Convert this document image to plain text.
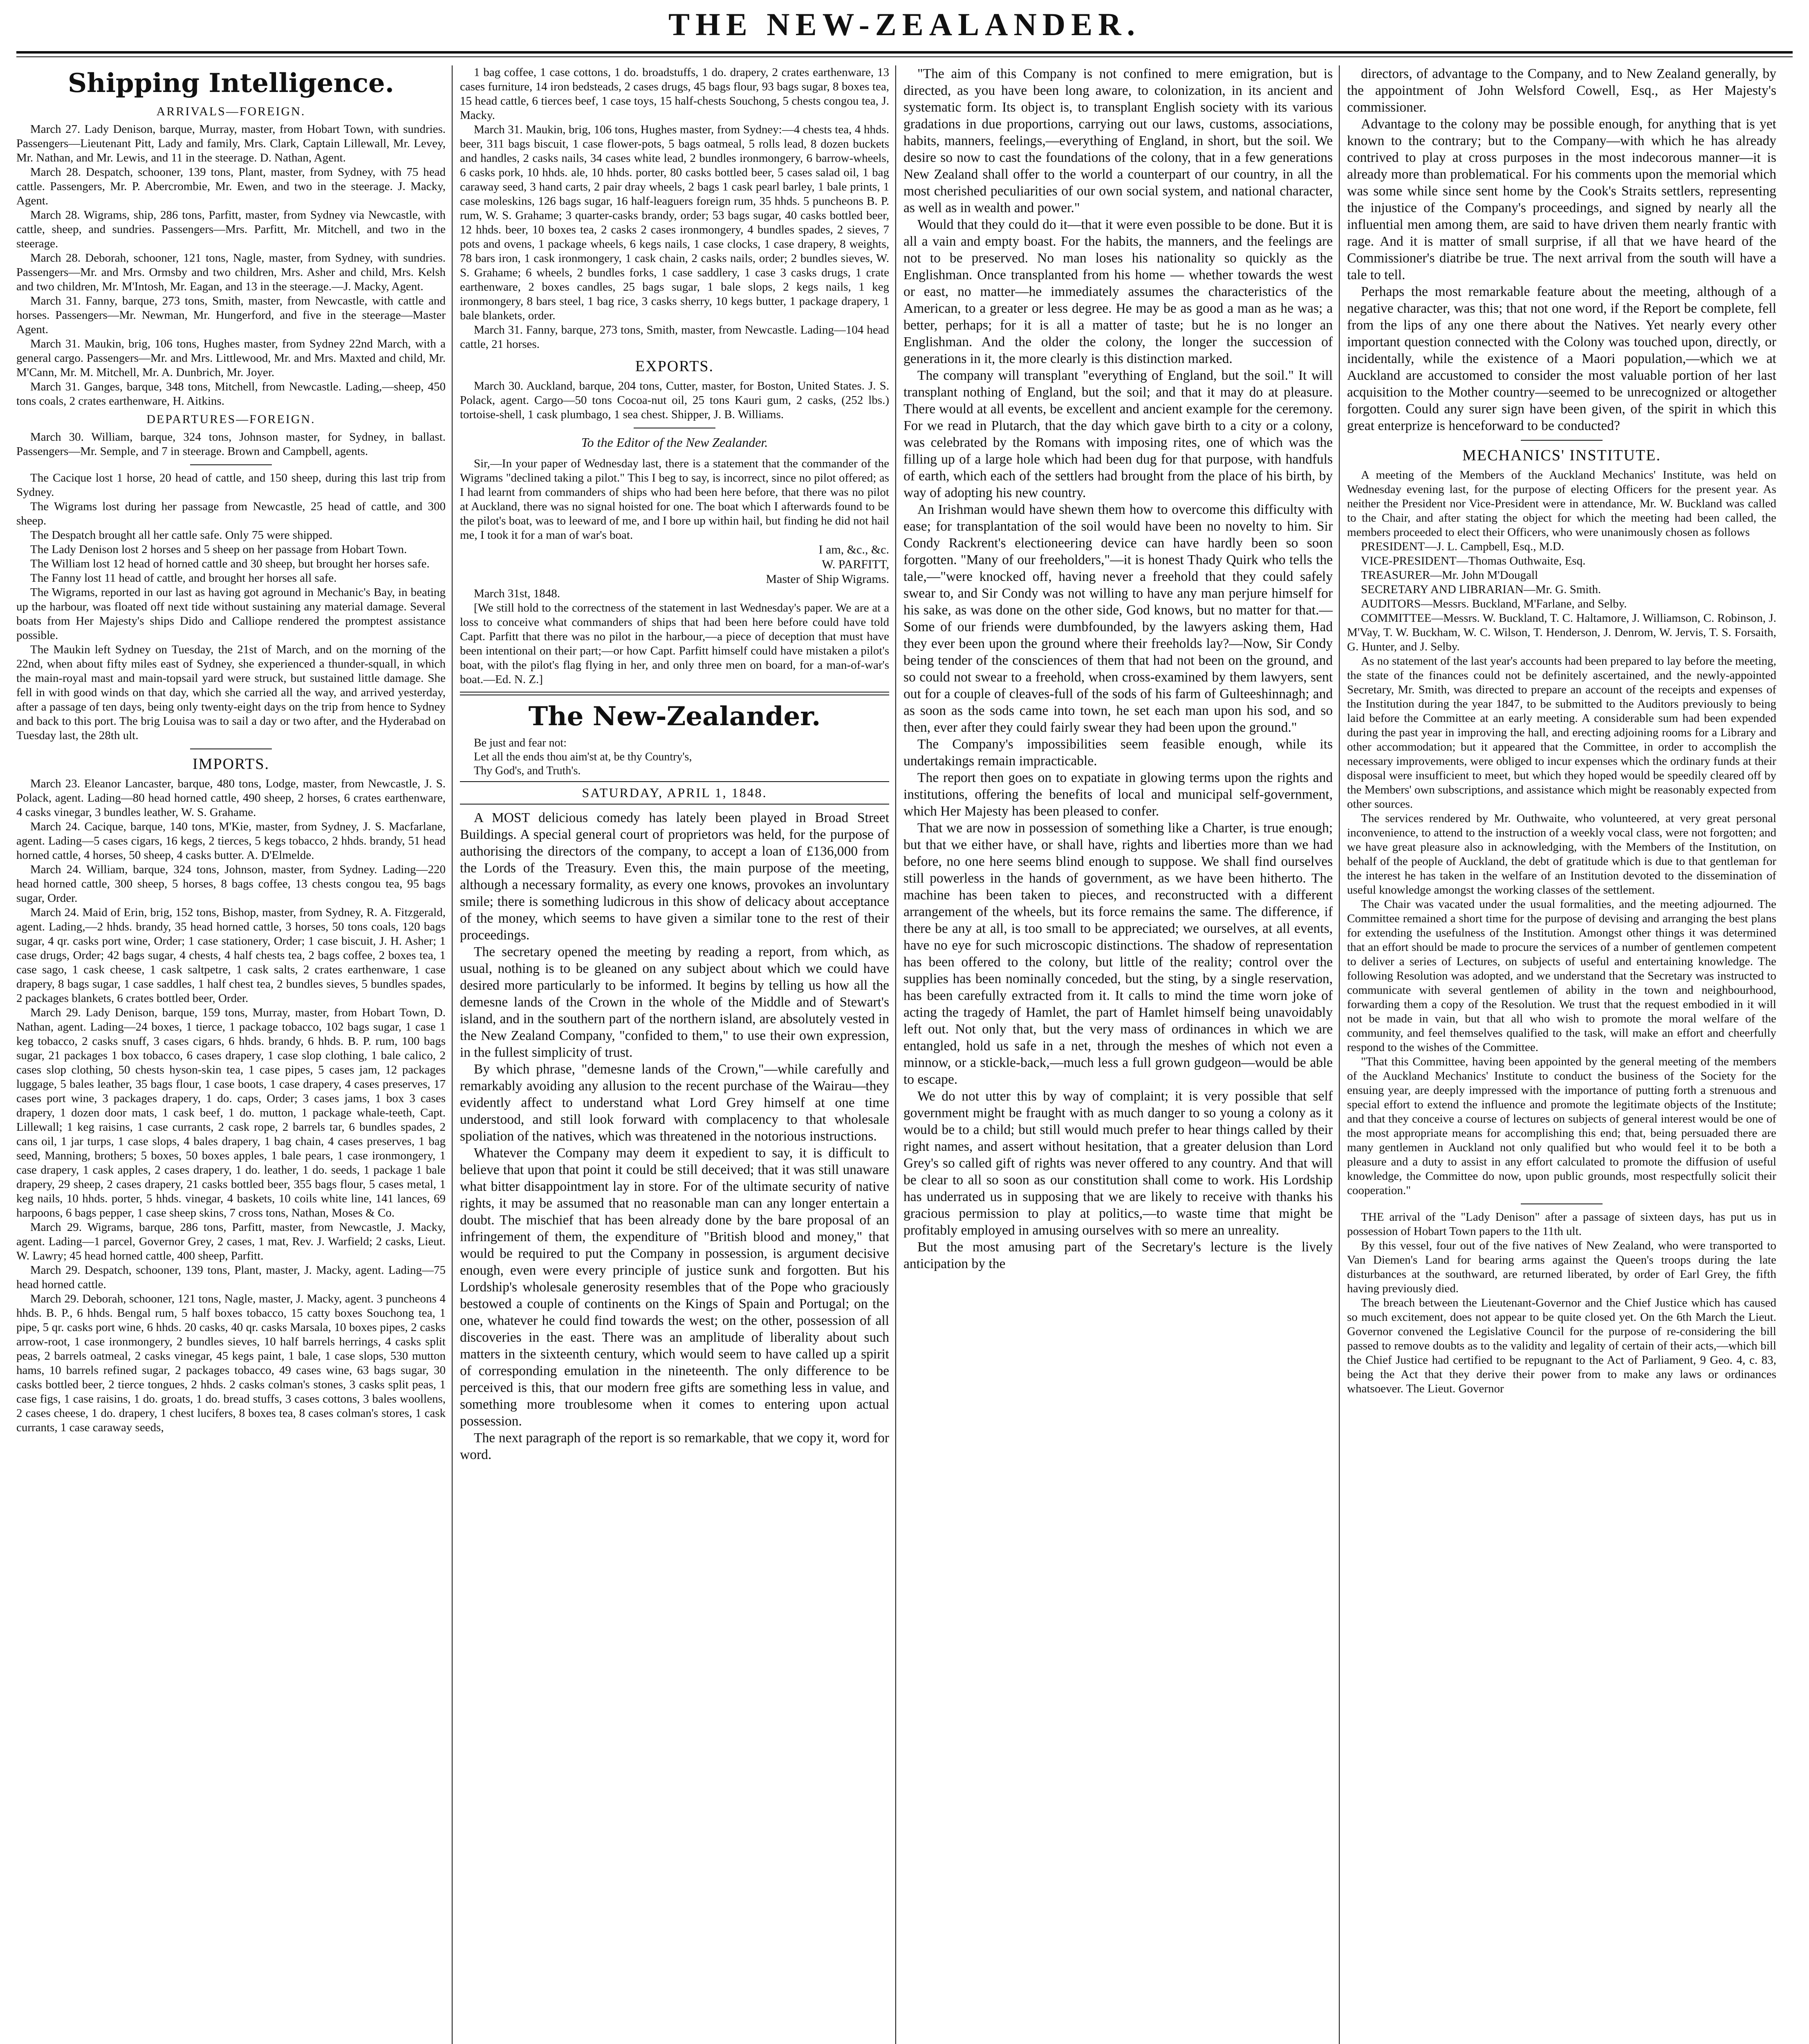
THE NEW-ZEALANDER.
Shipping Intelligence.
ARRIVALS—FOREIGN.

March 27. Lady Denison, barque, Murray, master, from Hobart Town, with sundries. Passengers—Lieutenant Pitt, Lady and family, Mrs. Clark, Captain Lillewall, Mr. Levey, Mr. Nathan, and Mr. Lewis, and 11 in the steerage. D. Nathan, Agent.

March 28. Despatch, schooner, 139 tons, Plant, master, from Sydney, with 75 head cattle. Passengers, Mr. P. Abercrombie, Mr. Ewen, and two in the steerage. J. Macky, Agent.

March 28. Wigrams, ship, 286 tons, Parfitt, master, from Sydney via Newcastle, with cattle, sheep, and sundries. Passengers—Mrs. Parfitt, Mr. Mitchell, and two in the steerage.

March 28. Deborah, schooner, 121 tons, Nagle, master, from Sydney, with sundries. Passengers—Mr. and Mrs. Ormsby and two children, Mrs. Asher and child, Mrs. Kelsh and two children, Mr. M'Intosh, Mr. Eagan, and 13 in the steerage.—J. Macky, Agent.

March 31. Fanny, barque, 273 tons, Smith, master, from Newcastle, with cattle and horses. Passengers—Mr. Newman, Mr. Hungerford, and five in the steerage—Master Agent.

March 31. Maukin, brig, 106 tons, Hughes master, from Sydney 22nd March, with a general cargo. Passengers—Mr. and Mrs. Littlewood, Mr. and Mrs. Maxted and child, Mr. M'Cann, Mr. M. Mitchell, Mr. A. Dunbrich, Mr. Joyer.

March 31. Ganges, barque, 348 tons, Mitchell, from Newcastle. Lading,—sheep, 450 tons coals, 2 crates earthenware, H. Aitkins.

DEPARTURES—FOREIGN.

March 30. William, barque, 324 tons, Johnson master, for Sydney, in ballast. Passengers—Mr. Semple, and 7 in steerage. Brown and Campbell, agents.

The Cacique lost 1 horse, 20 head of cattle, and 150 sheep, during this last trip from Sydney.

The Wigrams lost during her passage from Newcastle, 25 head of cattle, and 300 sheep.

The Despatch brought all her cattle safe. Only 75 were shipped.

The Lady Denison lost 2 horses and 5 sheep on her passage from Hobart Town.

The William lost 12 head of horned cattle and 30 sheep, but brought her horses safe.

The Fanny lost 11 head of cattle, and brought her horses all safe.

The Wigrams, reported in our last as having got aground in Mechanic's Bay, in beating up the harbour, was floated off next tide without sustaining any material damage. Several boats from Her Majesty's ships Dido and Calliope rendered the promptest assistance possible.

The Maukin left Sydney on Tuesday, the 21st of March, and on the morning of the 22nd, when about fifty miles east of Sydney, she experienced a thunder-squall, in which the main-royal mast and main-topsail yard were struck, but sustained little damage. She fell in with good winds on that day, which she carried all the way, and arrived yesterday, after a passage of ten days, being only twenty-eight days on the trip from hence to Sydney and back to this port. The brig Louisa was to sail a day or two after, and the Hyderabad on Tuesday last, the 28th ult.

IMPORTS.

March 23. Eleanor Lancaster, barque, 480 tons, Lodge, master, from Newcastle, J. S. Polack, agent. Lading—80 head horned cattle, 490 sheep, 2 horses, 6 crates earthenware, 4 casks vinegar, 3 bundles leather, W. S. Grahame.

March 24. Cacique, barque, 140 tons, M'Kie, master, from Sydney, J. S. Macfarlane, agent. Lading—5 cases cigars, 16 kegs, 2 tierces, 5 kegs tobacco, 2 hhds. brandy, 51 head horned cattle, 4 horses, 50 sheep, 4 casks butter. A. D'Elmelde.

March 24. William, barque, 324 tons, Johnson, master, from Sydney. Lading—220 head horned cattle, 300 sheep, 5 horses, 8 bags coffee, 13 chests congou tea, 95 bags sugar, Order.

March 24. Maid of Erin, brig, 152 tons, Bishop, master, from Sydney, R. A. Fitzgerald, agent. Lading,—2 hhds. brandy, 35 head horned cattle, 3 horses, 50 tons coals, 120 bags sugar, 4 qr. casks port wine, Order; 1 case stationery, Order; 1 case biscuit, J. H. Asher; 1 case drugs, Order; 42 bags sugar, 4 chests, 4 half chests tea, 2 bags coffee, 2 boxes tea, 1 case sago, 1 cask cheese, 1 cask saltpetre, 1 cask salts, 2 crates earthenware, 1 case drapery, 8 bags sugar, 1 case saddles, 1 half chest tea, 2 bundles sieves, 5 bundles spades, 2 packages blankets, 6 crates bottled beer, Order.

March 29. Lady Denison, barque, 159 tons, Murray, master, from Hobart Town, D. Nathan, agent. Lading—24 boxes, 1 tierce, 1 package tobacco, 102 bags sugar, 1 case 1 keg tobacco, 2 casks snuff, 3 cases cigars, 6 hhds. brandy, 6 hhds. B. P. rum, 100 bags sugar, 21 packages 1 box tobacco, 6 cases drapery, 1 case slop clothing, 1 bale calico, 2 cases slop clothing, 50 chests hyson-skin tea, 1 case pipes, 5 cases jam, 12 packages luggage, 5 bales leather, 35 bags flour, 1 case boots, 1 case drapery, 4 cases preserves, 17 cases port wine, 3 packages drapery, 1 do. caps, Order; 3 cases jams, 1 box 3 cases drapery, 1 dozen door mats, 1 cask beef, 1 do. mutton, 1 package whale-teeth, Capt. Lillewall; 1 keg raisins, 1 case currants, 2 cask rope, 2 barrels tar, 6 bundles spades, 2 cans oil, 1 jar turps, 1 case slops, 4 bales drapery, 1 bag chain, 4 cases preserves, 1 bag seed, Manning, brothers; 5 boxes, 50 boxes apples, 1 bale pears, 1 case ironmongery, 1 case drapery, 1 cask apples, 2 cases drapery, 1 do. leather, 1 do. seeds, 1 package 1 bale drapery, 29 sheep, 2 cases drapery, 21 casks bottled beer, 355 bags flour, 5 cases metal, 1 keg nails, 10 hhds. porter, 5 hhds. vinegar, 4 baskets, 10 coils white line, 141 lances, 69 harpoons, 6 bags pepper, 1 case sheep skins, 7 cross tons, Nathan, Moses & Co.

March 29. Wigrams, barque, 286 tons, Parfitt, master, from Newcastle, J. Macky, agent. Lading—1 parcel, Governor Grey, 2 cases, 1 mat, Rev. J. Warfield; 2 casks, Lieut. W. Lawry; 45 head horned cattle, 400 sheep, Parfitt.

March 29. Despatch, schooner, 139 tons, Plant, master, J. Macky, agent. Lading—75 head horned cattle.

March 29. Deborah, schooner, 121 tons, Nagle, master, J. Macky, agent. 3 puncheons 4 hhds. B. P., 6 hhds. Bengal rum, 5 half boxes tobacco, 15 catty boxes Souchong tea, 1 pipe, 5 qr. casks port wine, 6 hhds. 20 casks, 40 qr. casks Marsala, 10 boxes pipes, 2 casks arrow-root, 1 case ironmongery, 2 bundles sieves, 10 half barrels herrings, 4 casks split peas, 2 barrels oatmeal, 2 casks vinegar, 45 kegs paint, 1 bale, 1 case slops, 530 mutton hams, 10 barrels refined sugar, 2 packages tobacco, 49 cases wine, 63 bags sugar, 30 casks bottled beer, 2 tierce tongues, 2 hhds. 2 casks colman's stones, 3 casks split peas, 1 case figs, 1 case raisins, 1 do. groats, 1 do. bread stuffs, 3 cases cottons, 3 bales woollens, 2 cases cheese, 1 do. drapery, 1 chest lucifers, 8 boxes tea, 8 cases colman's stores, 1 cask currants, 1 case caraway seeds,

1 bag coffee, 1 case cottons, 1 do. broadstuffs, 1 do. drapery, 2 crates earthenware, 13 cases furniture, 14 iron bedsteads, 2 cases drugs, 45 bags flour, 93 bags sugar, 8 boxes tea, 15 head cattle, 6 tierces beef, 1 case toys, 15 half-chests Souchong, 5 chests congou tea, J. Macky.

March 31. Maukin, brig, 106 tons, Hughes master, from Sydney:—4 chests tea, 4 hhds. beer, 311 bags biscuit, 1 case flower-pots, 5 bags oatmeal, 5 rolls lead, 8 dozen buckets and handles, 2 casks nails, 34 cases white lead, 2 bundles ironmongery, 6 barrow-wheels, 6 casks pork, 10 hhds. ale, 10 hhds. porter, 80 casks bottled beer, 5 cases salad oil, 1 bag caraway seed, 3 hand carts, 2 pair dray wheels, 2 bags 1 cask pearl barley, 1 bale prints, 1 case moleskins, 126 bags sugar, 16 half-leaguers foreign rum, 35 hhds. 5 puncheons B. P. rum, W. S. Grahame; 3 quarter-casks brandy, order; 53 bags sugar, 40 casks bottled beer, 12 hhds. beer, 10 boxes tea, 2 casks 2 cases ironmongery, 4 bundles spades, 2 sieves, 7 pots and ovens, 1 package wheels, 6 kegs nails, 1 case clocks, 1 case drapery, 8 weights, 78 bars iron, 1 cask ironmongery, 1 cask chain, 2 casks nails, order; 2 bundles sieves, W. S. Grahame; 6 wheels, 2 bundles forks, 1 case saddlery, 1 case 3 casks drugs, 1 crate earthenware, 2 boxes candles, 25 bags sugar, 1 bale slops, 2 kegs nails, 1 keg ironmongery, 8 bars steel, 1 bag rice, 3 casks sherry, 10 kegs butter, 1 package drapery, 1 bale blankets, order.

March 31. Fanny, barque, 273 tons, Smith, master, from Newcastle. Lading—104 head cattle, 21 horses.

EXPORTS.

March 30. Auckland, barque, 204 tons, Cutter, master, for Boston, United States. J. S. Polack, agent. Cargo—50 tons Cocoa-nut oil, 25 tons Kauri gum, 2 casks, (252 lbs.) tortoise-shell, 1 cask plumbago, 1 sea chest. Shipper, J. B. Williams.

To the Editor of the New Zealander.

Sir,—In your paper of Wednesday last, there is a statement that the commander of the Wigrams "declined taking a pilot." This I beg to say, is incorrect, since no pilot offered; as I had learnt from commanders of ships who had been here before, that there was no pilot at Auckland, there was no signal hoisted for one. The boat which I afterwards found to be the pilot's boat, was to leeward of me, and I bore up within hail, but finding he did not hail me, I took it for a man of war's boat.

I am, &c., &c.
W. PARFITT,
Master of Ship Wigrams.

March 31st, 1848.

[We still hold to the correctness of the statement in last Wednesday's paper. We are at a loss to conceive what commanders of ships that had been here before could have told Capt. Parfitt that there was no pilot in the harbour,—a piece of deception that must have been intentional on their part;—or how Capt. Parfitt himself could have mistaken a pilot's boat, with the pilot's flag flying in her, and only three men on board, for a man-of-war's boat.—Ed. N. Z.]

The New-Zealander.
Be just and fear not:
Let all the ends thou aim'st at, be thy Country's,
Thy God's, and Truth's.
SATURDAY, APRIL 1, 1848.

A MOST delicious comedy has lately been played in Broad Street Buildings. A special general court of proprietors was held, for the purpose of authorising the directors of the company, to accept a loan of £136,000 from the Lords of the Treasury. Even this, the main purpose of the meeting, although a necessary formality, as every one knows, provokes an involuntary smile; there is something ludicrous in this show of delicacy about acceptance of the money, which seems to have given a similar tone to the rest of their proceedings.

The secretary opened the meeting by reading a report, from which, as usual, nothing is to be gleaned on any subject about which we could have desired more particularly to be informed. It begins by telling us how all the demesne lands of the Crown in the whole of the Middle and of Stewart's island, and in the southern part of the northern island, are absolutely vested in the New Zealand Company, "confided to them," to use their own expression, in the fullest simplicity of trust.

By which phrase, "demesne lands of the Crown,"—while carefully and remarkably avoiding any allusion to the recent purchase of the Wairau—they evidently affect to understand what Lord Grey himself at one time understood, and still look forward with complacency to that wholesale spoliation of the natives, which was threatened in the notorious instructions.

Whatever the Company may deem it expedient to say, it is difficult to believe that upon that point it could be still deceived; that it was still unaware what bitter disappointment lay in store. For of the ultimate security of native rights, it may be assumed that no reasonable man can any longer entertain a doubt. The mischief that has been already done by the bare proposal of an infringement of them, the expenditure of "British blood and money," that would be required to put the Company in possession, is argument decisive enough, even were every principle of justice sunk and forgotten. But his Lordship's wholesale generosity resembles that of the Pope who graciously bestowed a couple of continents on the Kings of Spain and Portugal; on the one, whatever he could find towards the west; on the other, possession of all discoveries in the east. There was an amplitude of liberality about such matters in the sixteenth century, which would seem to have called up a spirit of corresponding emulation in the nineteenth. The only difference to be perceived is this, that our modern free gifts are something less in value, and something more troublesome when it comes to entering upon actual possession.

The next paragraph of the report is so remarkable, that we copy it, word for word.

"The aim of this Company is not confined to mere emigration, but is directed, as you have been long aware, to colonization, in its ancient and systematic form. Its object is, to transplant English society with its various gradations in due proportions, carrying out our laws, customs, associations, habits, manners, feelings,—everything of England, in short, but the soil. We desire so now to cast the foundations of the colony, that in a few generations New Zealand shall offer to the world a counterpart of our country, in all the most cherished peculiarities of our own social system, and national character, as well as in wealth and power."

Would that they could do it—that it were even possible to be done. But it is all a vain and empty boast. For the habits, the manners, and the feelings are not to be preserved. No man loses his nationality so quickly as the Englishman. Once transplanted from his home — whether towards the west or east, no matter—he immediately assumes the characteristics of the American, to a greater or less degree. He may be as good a man as he was; a better, perhaps; for it is all a matter of taste; but he is no longer an Englishman. And the older the colony, the longer the succession of generations in it, the more clearly is this distinction marked.

The company will transplant "everything of England, but the soil." It will transplant nothing of England, but the soil; and that it may do at pleasure. There would at all events, be excellent and ancient example for the ceremony. For we read in Plutarch, that the day which gave birth to a city or a colony, was celebrated by the Romans with imposing rites, one of which was the filling up of a large hole which had been dug for that purpose, with handfuls of earth, which each of the settlers had brought from the place of his birth, by way of adopting his new country.

An Irishman would have shewn them how to overcome this difficulty with ease; for transplantation of the soil would have been no novelty to him. Sir Condy Rackrent's electioneering device can have hardly been so soon forgotten. "Many of our freeholders,"—it is honest Thady Quirk who tells the tale,—"were knocked off, having never a freehold that they could safely swear to, and Sir Condy was not willing to have any man perjure himself for his sake, as was done on the other side, God knows, but no matter for that.—Some of our friends were dumbfounded, by the lawyers asking them, Had they ever been upon the ground where their freeholds lay?—Now, Sir Condy being tender of the consciences of them that had not been on the ground, and so could not swear to a freehold, when cross-examined by them lawyers, sent out for a couple of cleaves-full of the sods of his farm of Gulteeshinnagh; and as soon as the sods came into town, he set each man upon his sod, and so then, ever after they could fairly swear they had been upon the ground."

The Company's impossibilities seem feasible enough, while its undertakings remain impracticable.

The report then goes on to expatiate in glowing terms upon the rights and institutions, offering the benefits of local and municipal self-government, which Her Majesty has been pleased to confer.

That we are now in possession of something like a Charter, is true enough; but that we either have, or shall have, rights and liberties more than we had before, no one here seems blind enough to suppose. We shall find ourselves still powerless in the hands of government, as we have been hitherto. The machine has been taken to pieces, and reconstructed with a different arrangement of the wheels, but its force remains the same. The difference, if there be any at all, is too small to be appreciated; we ourselves, at all events, have no eye for such microscopic distinctions. The shadow of representation has been offered to the colony, but little of the reality; control over the supplies has been nominally conceded, but the sting, by a single reservation, has been carefully extracted from it. It calls to mind the time worn joke of acting the tragedy of Hamlet, the part of Hamlet himself being unavoidably left out. Not only that, but the very mass of ordinances in which we are entangled, hold us safe in a net, through the meshes of which not even a minnow, or a stickle-back,—much less a full grown gudgeon—would be able to escape.

We do not utter this by way of complaint; it is very possible that self government might be fraught with as much danger to so young a colony as it would be to a child; but still would much prefer to hear things called by their right names, and assert without hesitation, that a greater delusion than Lord Grey's so called gift of rights was never offered to any country. And that will be clear to all so soon as our constitution shall come to work. His Lordship has underrated us in supposing that we are likely to receive with thanks his gracious permission to play at politics,—to waste time that might be profitably employed in amusing ourselves with so mere an unreality.

But the most amusing part of the Secretary's lecture is the lively anticipation by the

directors, of advantage to the Company, and to New Zealand generally, by the appointment of John Welsford Cowell, Esq., as Her Majesty's commissioner.

Advantage to the colony may be possible enough, for anything that is yet known to the contrary; but to the Company—with which he has already contrived to play at cross purposes in the most indecorous manner—it is already more than problematical. For his comments upon the memorial which was some while since sent home by the Cook's Straits settlers, representing the injustice of the Company's proceedings, and signed by nearly all the influential men among them, are said to have driven them nearly frantic with rage. And it is matter of small surprise, if all that we have heard of the Commissioner's diatribe be true. The next arrival from the south will have a tale to tell.

Perhaps the most remarkable feature about the meeting, although of a negative character, was this; that not one word, if the Report be complete, fell from the lips of any one there about the Natives. Yet nearly every other important question connected with the Colony was touched upon, directly, or incidentally, while the existence of a Maori population,—which we at Auckland are accustomed to consider the most valuable portion of her last acquisition to the Mother country—seemed to be unrecognized or altogether forgotten. Could any surer sign have been given, of the spirit in which this great enterprize is henceforward to be conducted?

MECHANICS' INSTITUTE.

A meeting of the Members of the Auckland Mechanics' Institute, was held on Wednesday evening last, for the purpose of electing Officers for the present year. As neither the President nor Vice-President were in attendance, Mr. W. Buckland was called to the Chair, and after stating the object for which the meeting had been called, the members proceeded to elect their Officers, who were unanimously chosen as follows

PRESIDENT—J. L. Campbell, Esq., M.D.

VICE-PRESIDENT—Thomas Outhwaite, Esq.

TREASURER—Mr. John M'Dougall

SECRETARY AND LIBRARIAN—Mr. G. Smith.

AUDITORS—Messrs. Buckland, M'Farlane, and Selby.

COMMITTEE—Messrs. W. Buckland, T. C. Haltamore, J. Williamson, C. Robinson, J. M'Vay, T. W. Buckham, W. C. Wilson, T. Henderson, J. Denrom, W. Jervis, T. S. Forsaith, G. Hunter, and J. Selby.

As no statement of the last year's accounts had been prepared to lay before the meeting, the state of the finances could not be definitely ascertained, and the newly-appointed Secretary, Mr. Smith, was directed to prepare an account of the receipts and expenses of the Institution during the year 1847, to be submitted to the Auditors previously to being laid before the Committee at an early meeting. A considerable sum had been expended during the past year in improving the hall, and erecting adjoining rooms for a Library and other accommodation; but it appeared that the Committee, in order to accomplish the necessary improvements, were obliged to incur expenses which the ordinary funds at their disposal were insufficient to meet, but which they hoped would be speedily cleared off by the Members' own subscriptions, and assistance which might be reasonably expected from other sources.

The services rendered by Mr. Outhwaite, who volunteered, at very great personal inconvenience, to attend to the instruction of a weekly vocal class, were not forgotten; and we have great pleasure also in acknowledging, with the Members of the Institution, on behalf of the people of Auckland, the debt of gratitude which is due to that gentleman for the interest he has taken in the welfare of an Institution devoted to the dissemination of useful knowledge amongst the working classes of the settlement.

The Chair was vacated under the usual formalities, and the meeting adjourned. The Committee remained a short time for the purpose of devising and arranging the best plans for extending the usefulness of the Institution. Amongst other things it was determined that an effort should be made to procure the services of a number of gentlemen competent to deliver a series of Lectures, on subjects of useful and entertaining knowledge. The following Resolution was adopted, and we understand that the Secretary was instructed to communicate with several gentlemen of ability in the town and neighbourhood, forwarding them a copy of the Resolution. We trust that the request embodied in it will not be made in vain, but that all who wish to promote the moral welfare of the community, and feel themselves qualified to the task, will make an effort and cheerfully respond to the wishes of the Committee.

"That this Committee, having been appointed by the general meeting of the members of the Auckland Mechanics' Institute to conduct the business of the Society for the ensuing year, are deeply impressed with the importance of putting forth a strenuous and special effort to extend the influence and promote the legitimate objects of the Institute; and that they conceive a course of lectures on subjects of general interest would be one of the most appropriate means for accomplishing this end; that, being persuaded there are many gentlemen in Auckland not only qualified but who would feel it to be both a pleasure and a duty to assist in any effort calculated to promote the diffusion of useful knowledge, the Committee do now, upon public grounds, most respectfully solicit their cooperation."

THE arrival of the "Lady Denison" after a passage of sixteen days, has put us in possession of Hobart Town papers to the 11th ult.

By this vessel, four out of the five natives of New Zealand, who were transported to Van Diemen's Land for bearing arms against the Queen's troops during the late disturbances at the southward, are returned liberated, by order of Earl Grey, the fifth having previously died.

The breach between the Lieutenant-Governor and the Chief Justice which has caused so much excitement, does not appear to be quite closed yet. On the 6th March the Lieut. Governor convened the Legislative Council for the purpose of re-considering the bill passed to remove doubts as to the validity and legality of certain of their acts,—which bill the Chief Justice had certified to be repugnant to the Act of Parliament, 9 Geo. 4, c. 83, being the Act that they derive their power from to make any laws or ordinances whatsoever. The Lieut. Governor
